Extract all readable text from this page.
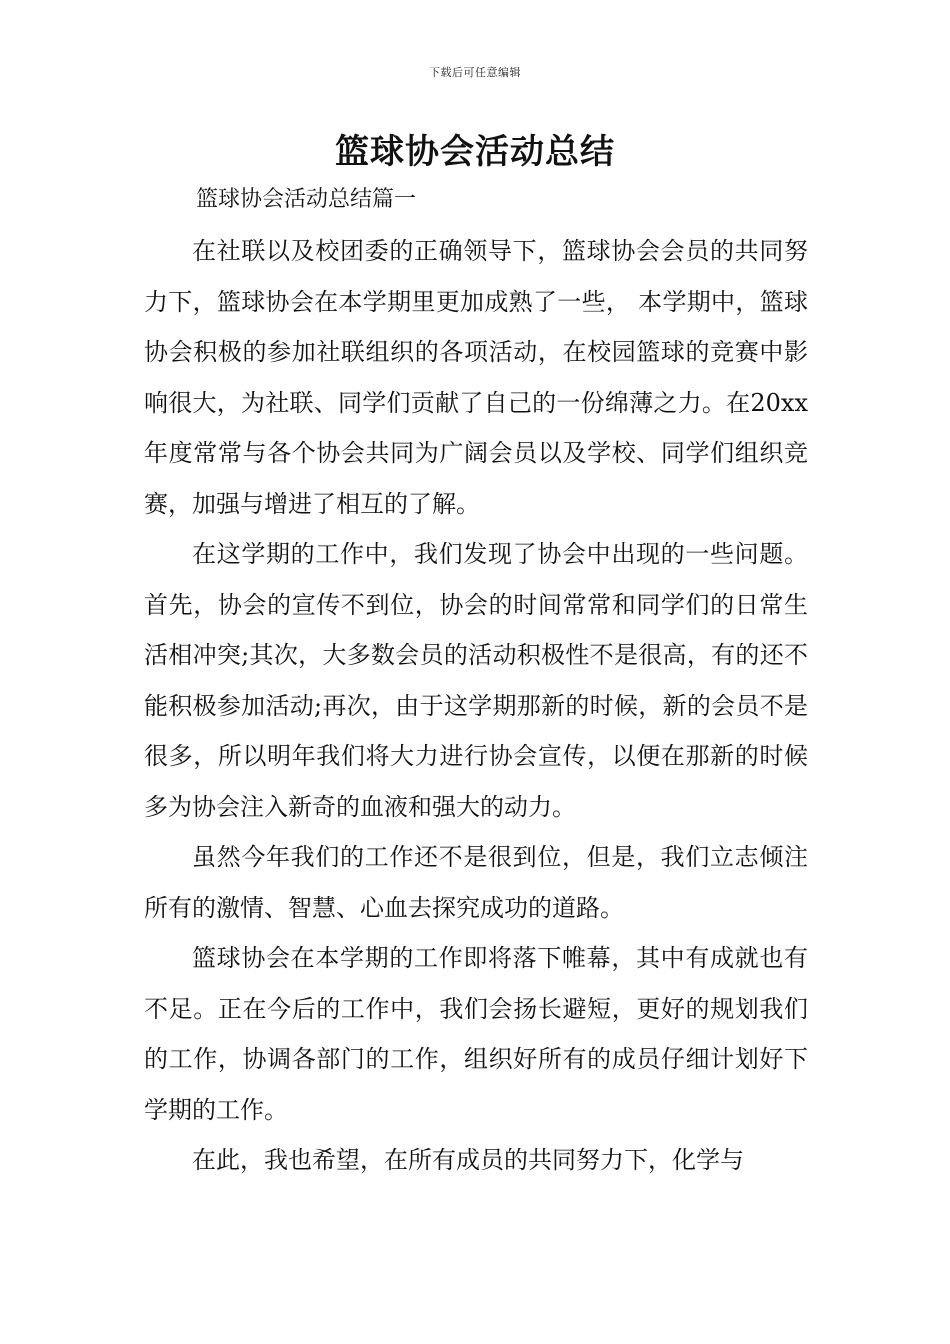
下载后可任意编辑
篮球协会活动总结
篮球协会活动总结篇一

在社联以及校团委的正确领导下，篮球协会会员的共同努力下，篮球协会在本学期里更加成熟了一些， 本学期中，篮球协会积极的参加社联组织的各项活动，在校园篮球的竞赛中影响很大，为社联、同学们贡献了自己的一份绵薄之力。在20xx年度常常与各个协会共同为广阔会员以及学校、同学们组织竞赛，加强与增进了相互的了解。

在这学期的工作中，我们发现了协会中出现的一些问题。首先，协会的宣传不到位，协会的时间常常和同学们的日常生活相冲突;其次，大多数会员的活动积极性不是很高，有的还不能积极参加活动;再次，由于这学期那新的时候，新的会员不是很多，所以明年我们将大力进行协会宣传，以便在那新的时候多为协会注入新奇的血液和强大的动力。

虽然今年我们的工作还不是很到位，但是，我们立志倾注所有的激情、智慧、心血去探究成功的道路。

篮球协会在本学期的工作即将落下帷幕，其中有成就也有不足。正在今后的工作中，我们会扬长避短，更好的规划我们的工作，协调各部门的工作，组织好所有的成员仔细计划好下学期的工作。

在此，我也希望，在所有成员的共同努力下，化学与
